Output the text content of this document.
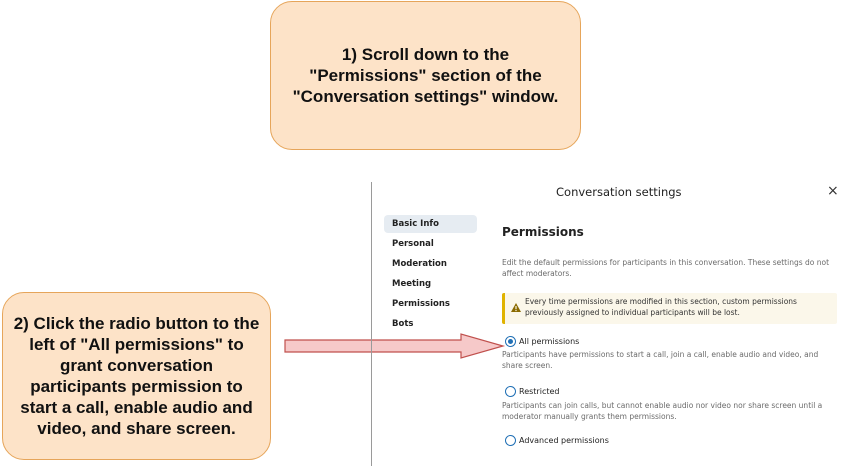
1) Scroll down to the "Permissions" section of the "Conversation settings" window.
2) Click the radio button to the left of "All permissions" to grant conversation participants permission to start a call, enable audio and video, and share screen.
Conversation settings	×
Basic Info
Personal
Moderation
Meeting
Permissions
Bots
Permissions
Edit the default permissions for participants in this conversation. These settings do not affect moderators.
Every time permissions are modified in this section, custom permissions previously assigned to individual participants will be lost.
All permissions
Participants have permissions to start a call, join a call, enable audio and video, and share screen.
Restricted
Participants can join calls, but cannot enable audio nor video nor share screen until a moderator manually grants them permissions.
Advanced permissions
